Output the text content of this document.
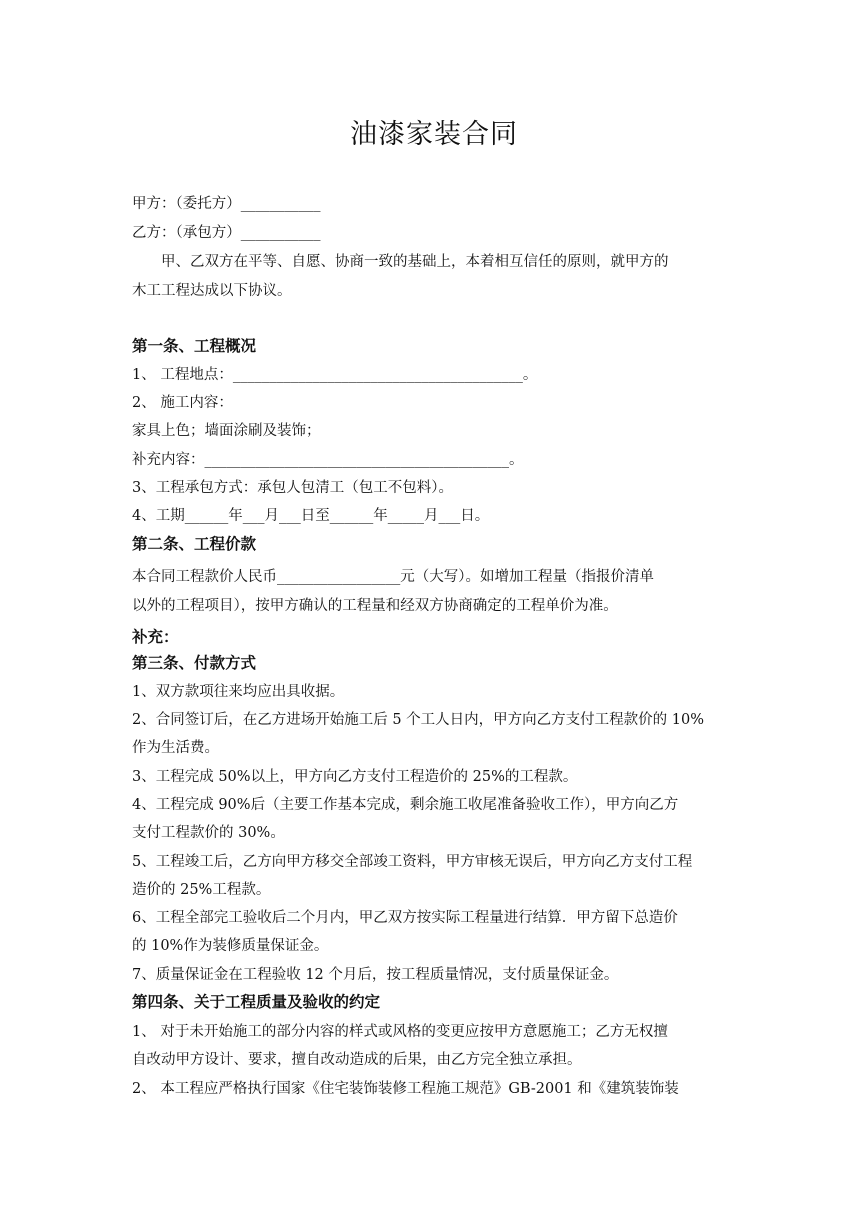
油漆家装合同
甲方：（委托方）___________
乙方：（承包方）___________
　　甲、乙双方在平等、自愿、协商一致的基础上，本着相互信任的原则，就甲方的
木工工程达成以下协议。
第一条、工程概况
1、 工程地点：________________________________________。
2、 施工内容：
家具上色；墙面涂刷及装饰；
补充内容：__________________________________________。
3、工程承包方式：承包人包清工（包工不包料）。
4、工期______年___月___日至______年_____月___日。
第二条、工程价款
本合同工程款价人民币_________________元（大写）。如增加工程量（指报价清单
以外的工程项目），按甲方确认的工程量和经双方协商确定的工程单价为准。
补充：
第三条、付款方式
1、双方款项往来均应出具收据。
2、合同签订后，在乙方进场开始施工后 5 个工人日内，甲方向乙方支付工程款价的 10%
作为生活费。
3、工程完成 50%以上，甲方向乙方支付工程造价的 25%的工程款。
4、工程完成 90%后（主要工作基本完成，剩余施工收尾准备验收工作），甲方向乙方
支付工程款价的 30%。
5、工程竣工后，乙方向甲方移交全部竣工资料，甲方审核无误后，甲方向乙方支付工程
造价的 25%工程款。
6、工程全部完工验收后二个月内，甲乙双方按实际工程量进行结算．甲方留下总造价
的 10%作为装修质量保证金。
7、质量保证金在工程验收 12 个月后，按工程质量情况，支付质量保证金。
第四条、关于工程质量及验收的约定
1、 对于未开始施工的部分内容的样式或风格的变更应按甲方意愿施工；乙方无权擅
自改动甲方设计、要求，擅自改动造成的后果，由乙方完全独立承担。
2、 本工程应严格执行国家《住宅装饰装修工程施工规范》GB-2001 和《建筑装饰装
